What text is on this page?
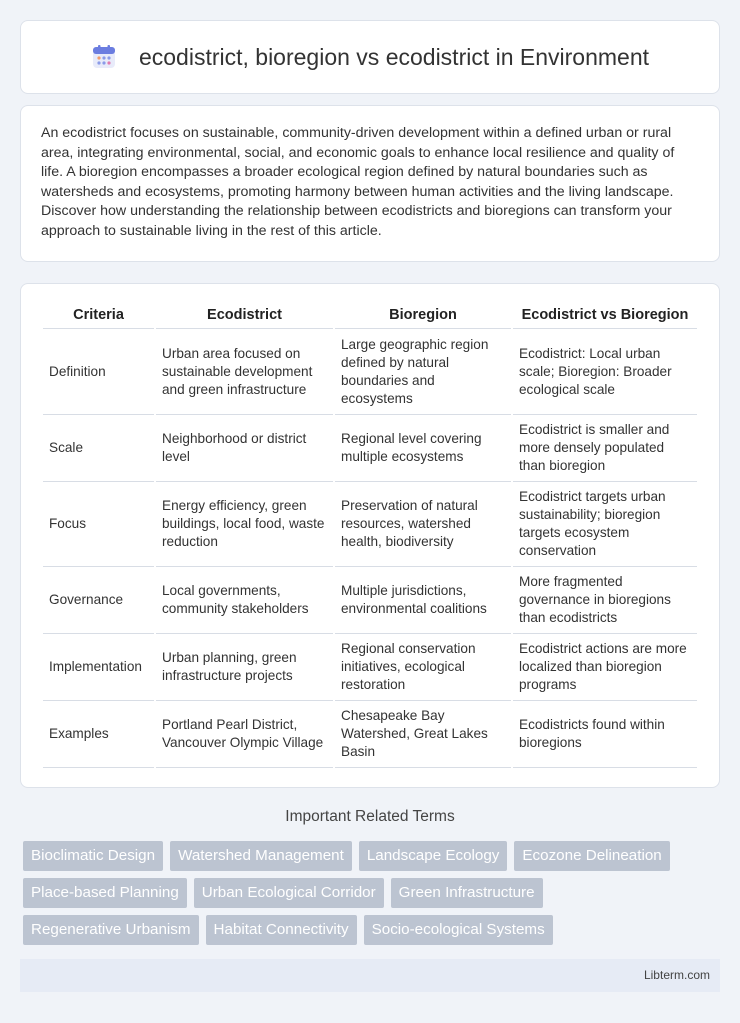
ecodistrict, bioregion vs ecodistrict in Environment

An ecodistrict focuses on sustainable, community-driven development within a defined urban or rural area, integrating environmental, social, and economic goals to enhance local resilience and quality of life. A bioregion encompasses a broader ecological region defined by natural boundaries such as watersheds and ecosystems, promoting harmony between human activities and the living landscape. Discover how understanding the relationship between ecodistricts and bioregions can transform your approach to sustainable living in the rest of this article.

Criteria	Ecodistrict	Bioregion	Ecodistrict vs Bioregion
Definition	Urban area focused on sustainable development and green infrastructure	Large geographic region defined by natural boundaries and ecosystems	Ecodistrict: Local urban scale; Bioregion: Broader ecological scale
Scale	Neighborhood or district level	Regional level covering multiple ecosystems	Ecodistrict is smaller and more densely populated than bioregion
Focus	Energy efficiency, green buildings, local food, waste reduction	Preservation of natural resources, watershed health, biodiversity	Ecodistrict targets urban sustainability; bioregion targets ecosystem conservation
Governance	Local governments, community stakeholders	Multiple jurisdictions, environmental coalitions	More fragmented governance in bioregions than ecodistricts
Implementation	Urban planning, green infrastructure projects	Regional conservation initiatives, ecological restoration	Ecodistrict actions are more localized than bioregion programs
Examples	Portland Pearl District, Vancouver Olympic Village	Chesapeake Bay Watershed, Great Lakes Basin	Ecodistricts found within bioregions
Important Related Terms
Bioclimatic Design	Watershed Management	Landscape Ecology	Ecozone Delineation
Place-based Planning	Urban Ecological Corridor	Green Infrastructure
Regenerative Urbanism	Habitat Connectivity	Socio-ecological Systems
Libterm.com
